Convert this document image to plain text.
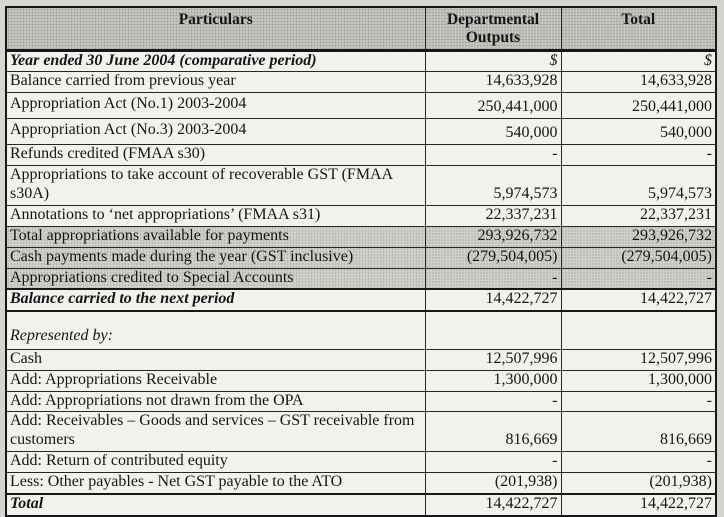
Particulars	Departmental Outputs	Total
Year ended 30 June 2004 (comparative period)	$	$
Balance carried from previous year	14,633,928	14,633,928
Appropriation Act (No.1) 2003-2004	250,441,000	250,441,000
Appropriation Act (No.3) 2003-2004	540,000	540,000
Refunds credited (FMAA s30)	-	-
Appropriations to take account of recoverable GST (FMAA s30A)	5,974,573	5,974,573
Annotations to ‘net appropriations’ (FMAA s31)	22,337,231	22,337,231
Total appropriations available for payments	293,926,732	293,926,732
Cash payments made during the year (GST inclusive)	(279,504,005)	(279,504,005)
Appropriations credited to Special Accounts	-	-
Balance carried to the next period	14,422,727	14,422,727
Represented by:		
Cash	12,507,996	12,507,996
Add: Appropriations Receivable	1,300,000	1,300,000
Add: Appropriations not drawn from the OPA	-	-
Add: Receivables – Goods and services – GST receivable from customers	816,669	816,669
Add: Return of contributed equity	-	-
Less: Other payables - Net GST payable to the ATO	(201,938)	(201,938)
Total	14,422,727	14,422,727
